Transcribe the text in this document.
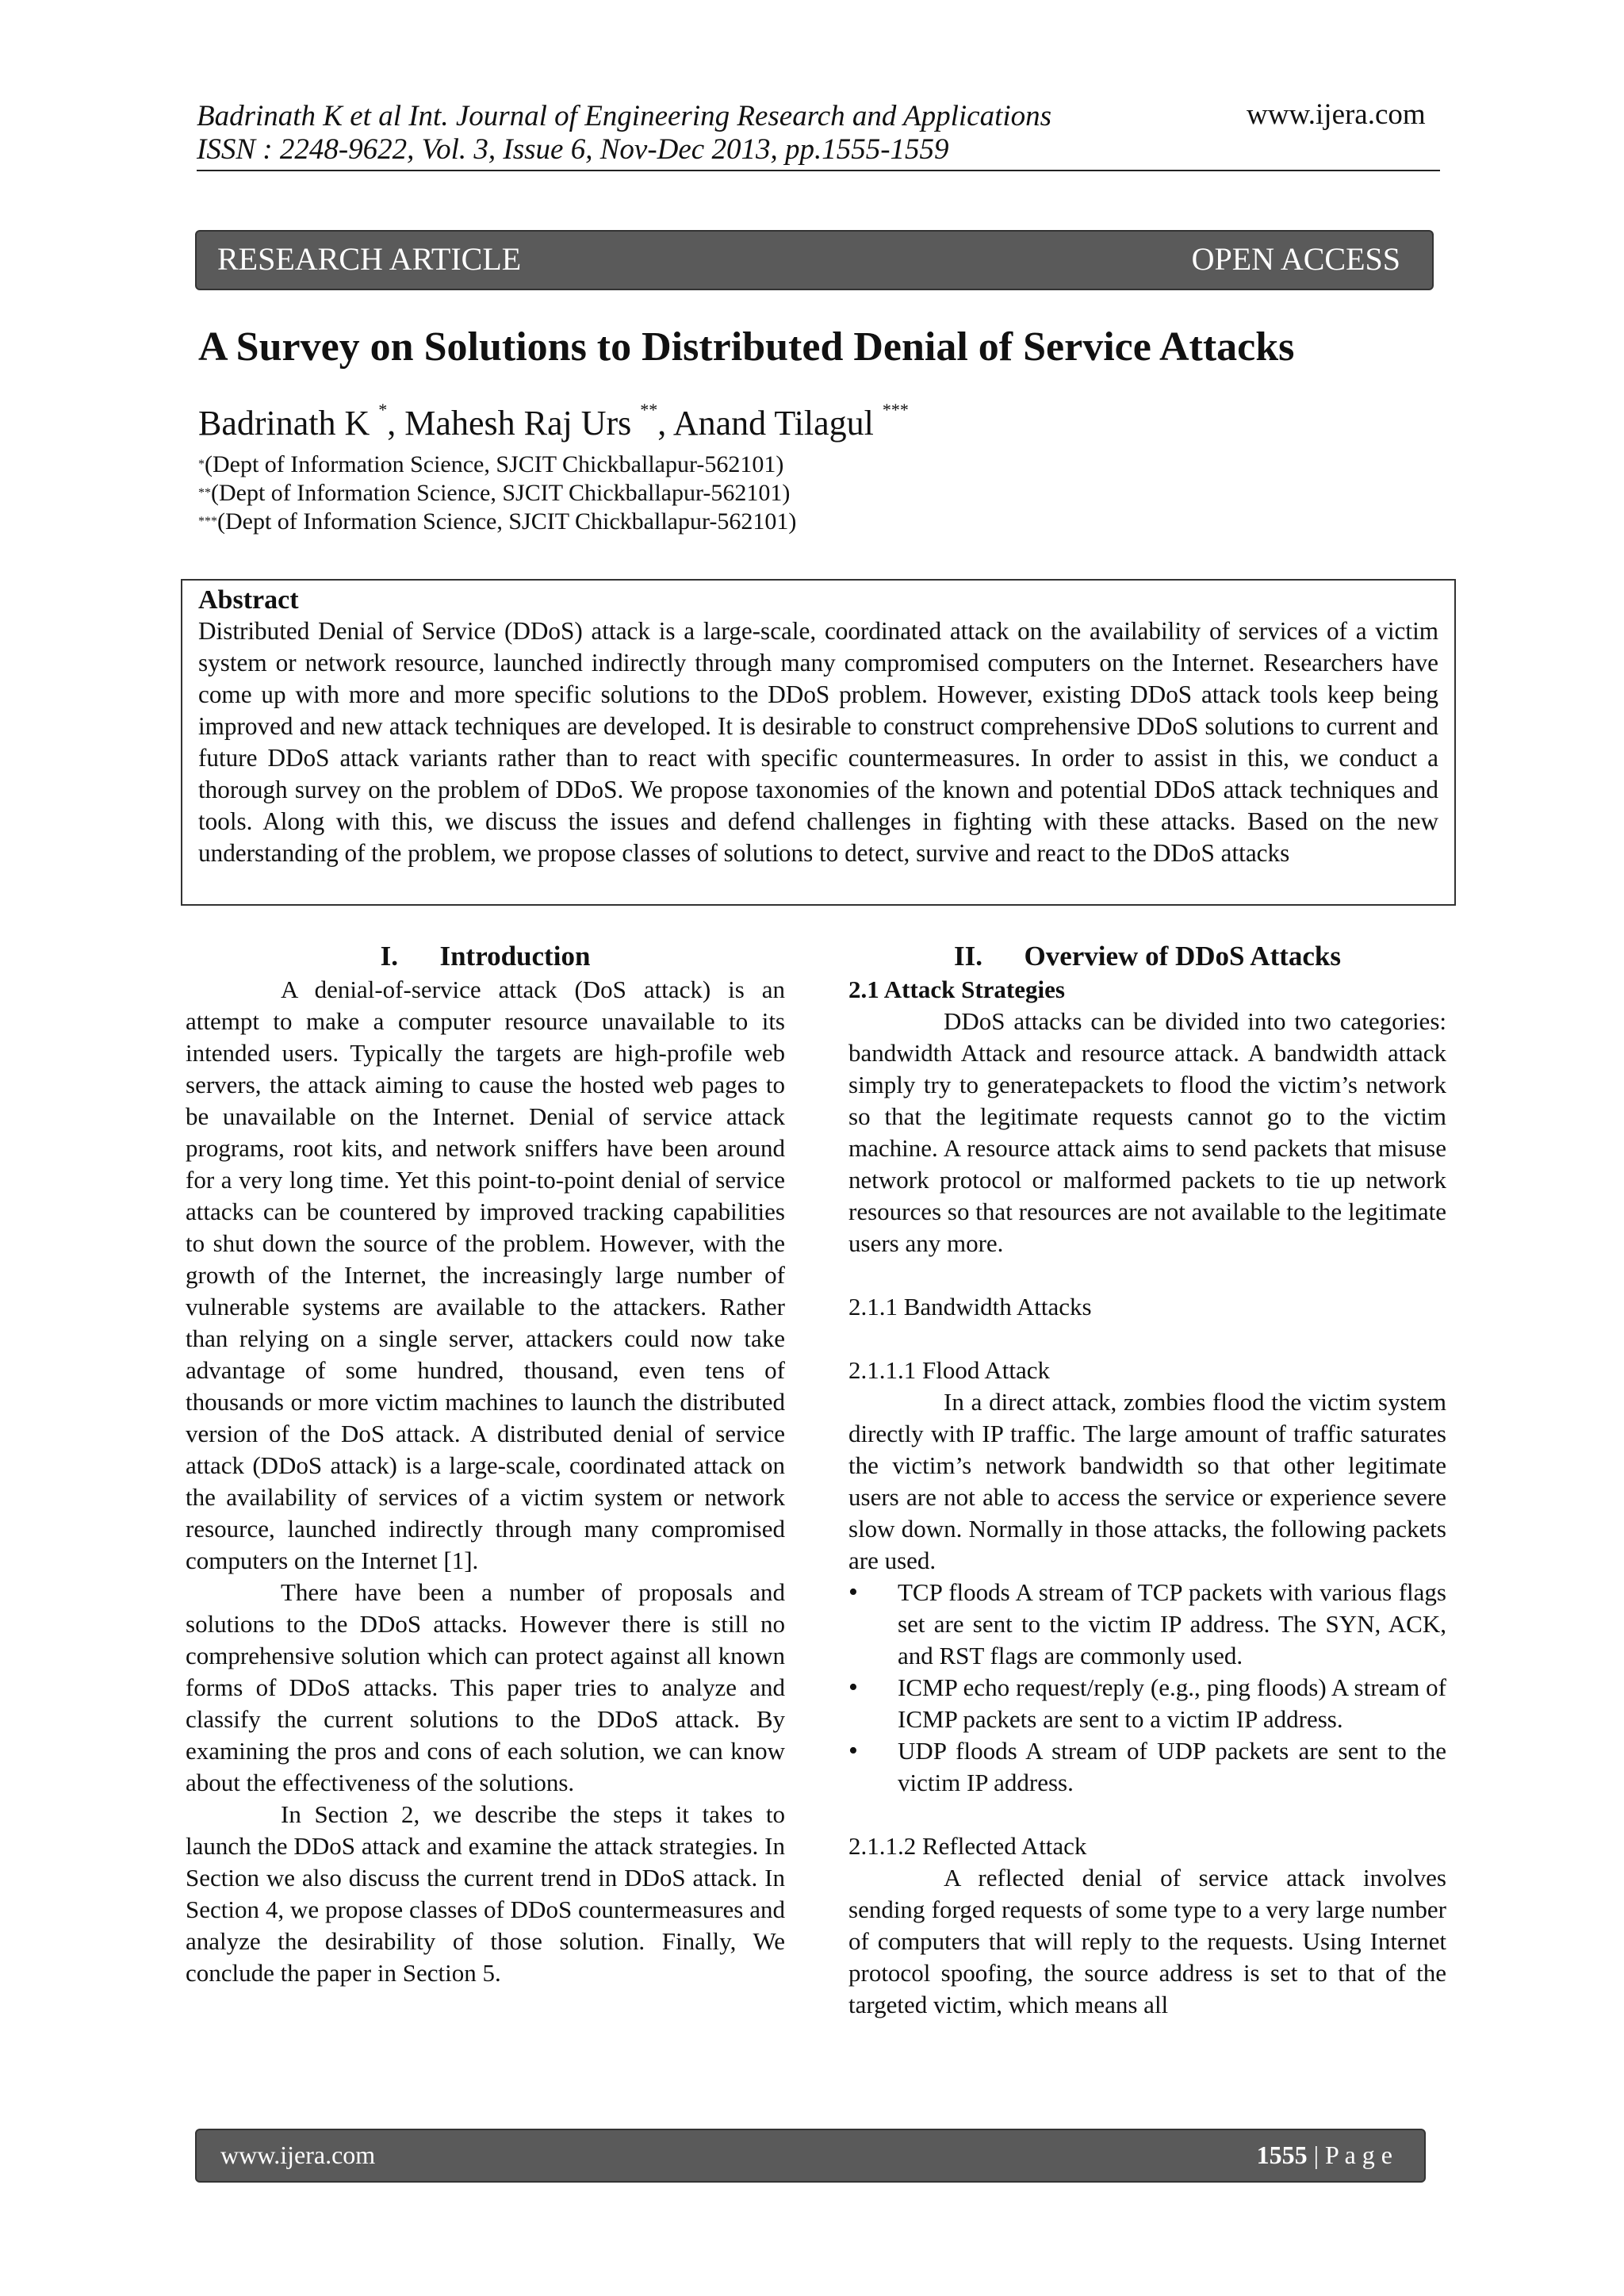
Badrinath K et al Int. Journal of Engineering Research and Applications
ISSN : 2248-9622, Vol. 3, Issue 6, Nov-Dec 2013, pp.1555-1559
www.ijera.com
RESEARCH ARTICLE	OPEN ACCESS
A Survey on Solutions to Distributed Denial of Service Attacks
Badrinath K *, Mahesh Raj Urs **, Anand Tilagul ***
*(Dept of Information Science, SJCIT Chickballapur-562101)
**(Dept of Information Science, SJCIT Chickballapur-562101)
***(Dept of Information Science, SJCIT Chickballapur-562101)
Abstract

Distributed Denial of Service (DDoS) attack is a large-scale, coordinated attack on the availability of services of a victim system or network resource, launched indirectly through many compromised computers on the Internet. Researchers have come up with more and more specific solutions to the DDoS problem. However, existing DDoS attack tools keep being improved and new attack techniques are developed. It is desirable to construct comprehensive DDoS solutions to current and future DDoS attack variants rather than to react with specific countermeasures. In order to assist in this, we conduct a thorough survey on the problem of DDoS. We propose taxonomies of the known and potential DDoS attack techniques and tools. Along with this, we discuss the issues and defend challenges in fighting with these attacks. Based on the new understanding of the problem, we propose classes of solutions to detect, survive and react to the DDoS attacks

I. Introduction

A denial-of-service attack (DoS attack) is an attempt to make a computer resource unavailable to its intended users. Typically the targets are high-profile web servers, the attack aiming to cause the hosted web pages to be unavailable on the Internet. Denial of service attack programs, root kits, and network sniffers have been around for a very long time. Yet this point-to-point denial of service attacks can be countered by improved tracking capabilities to shut down the source of the problem. However, with the growth of the Internet, the increasingly large number of vulnerable systems are available to the attackers. Rather than relying on a single server, attackers could now take advantage of some hundred, thousand, even tens of thousands or more victim machines to launch the distributed version of the DoS attack. A distributed denial of service attack (DDoS attack) is a large-scale, coordinated attack on the availability of services of a victim system or network resource, launched indirectly through many compromised computers on the Internet [1].

There have been a number of proposals and solutions to the DDoS attacks. However there is still no comprehensive solution which can protect against all known forms of DDoS attacks. This paper tries to analyze and classify the current solutions to the DDoS attack. By examining the pros and cons of each solution, we can know about the effectiveness of the solutions.

In Section 2, we describe the steps it takes to launch the DDoS attack and examine the attack strategies. In Section we also discuss the current trend in DDoS attack. In Section 4, we propose classes of DDoS countermeasures and analyze the desirability of those solution. Finally, We conclude the paper in Section 5.

II. Overview of DDoS Attacks
2.1 Attack Strategies

DDoS attacks can be divided into two categories: bandwidth Attack and resource attack. A bandwidth attack simply try to generatepackets to flood the victim’s network so that the legitimate requests cannot go to the victim machine. A resource attack aims to send packets that misuse network protocol or malformed packets to tie up network resources so that resources are not available to the legitimate users any more.

2.1.1 Bandwidth Attacks

2.1.1.1 Flood Attack

In a direct attack, zombies flood the victim system directly with IP traffic. The large amount of traffic saturates the victim’s network bandwidth so that other legitimate users are not able to access the service or experience severe slow down. Normally in those attacks, the following packets are used.

• TCP floods A stream of TCP packets with various flags set are sent to the victim IP address. The SYN, ACK, and RST flags are commonly used.
• ICMP echo request/reply (e.g., ping floods) A stream of ICMP packets are sent to a victim IP address.
• UDP floods A stream of UDP packets are sent to the victim IP address.

2.1.1.2 Reflected Attack

A reflected denial of service attack involves sending forged requests of some type to a very large number of computers that will reply to the requests. Using Internet protocol spoofing, the source address is set to that of the targeted victim, which means all

www.ijera.com	1555 | P a g e
